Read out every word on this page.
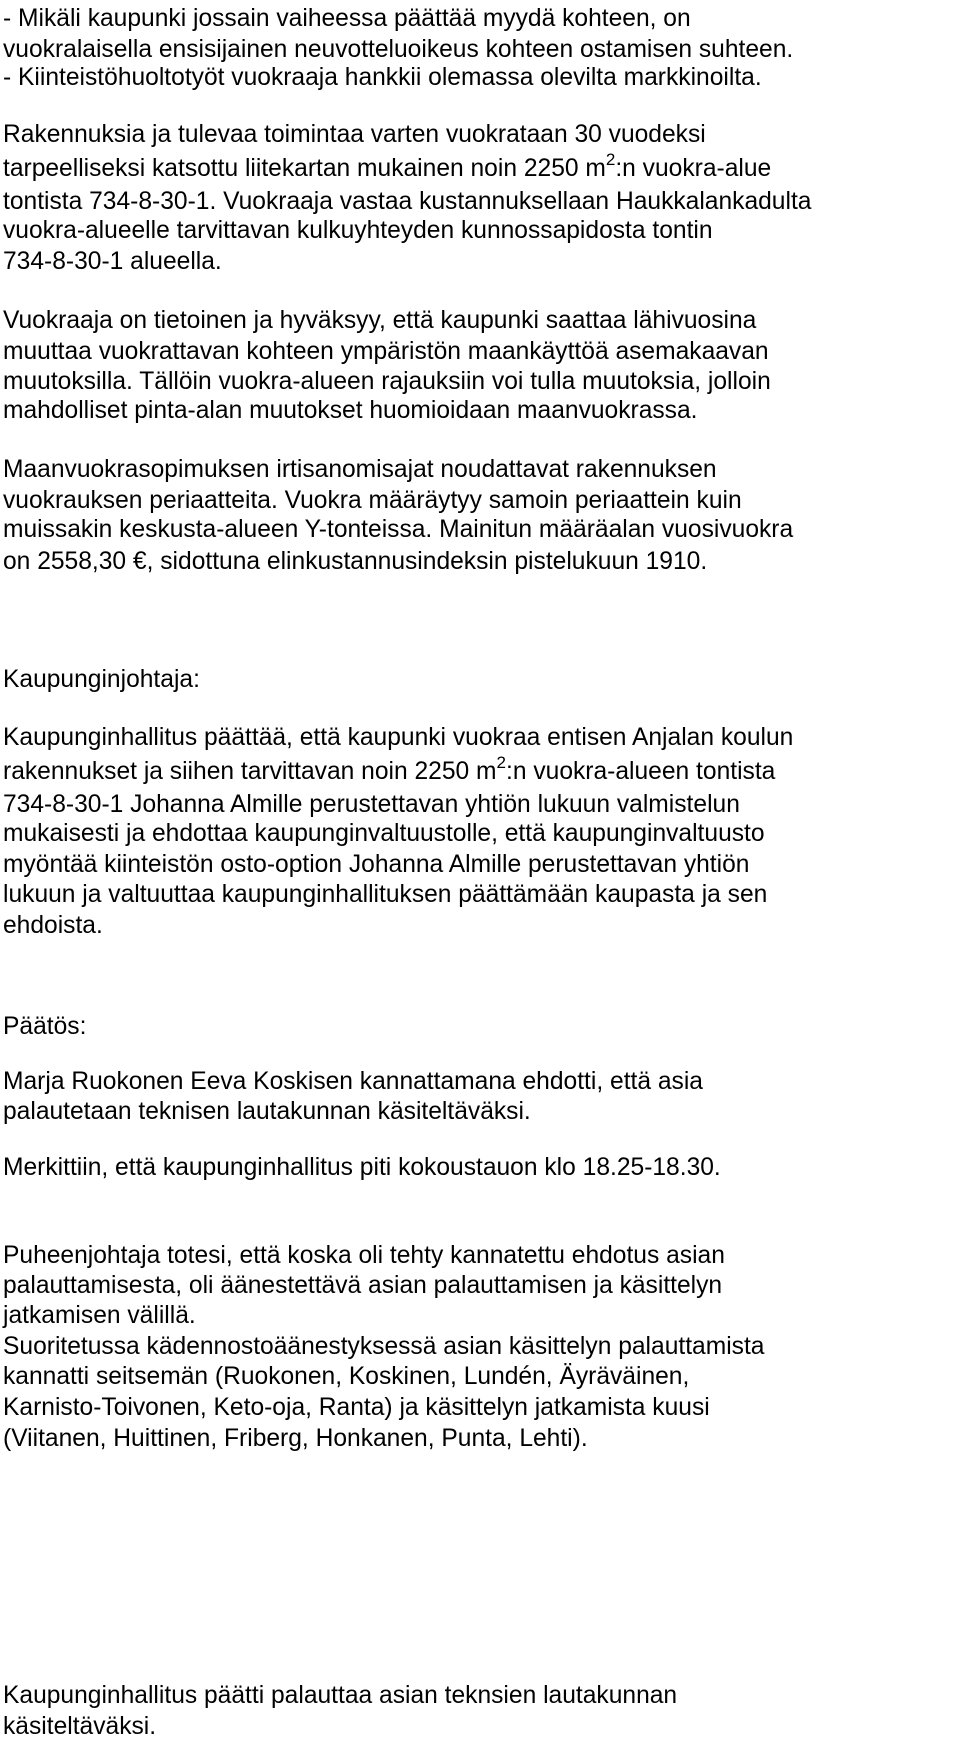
- Mikäli kaupunki jossain vaiheessa päättää myydä kohteen, on
vuokralaisella ensisijainen neuvotteluoikeus kohteen ostamisen suhteen.
- Kiinteistöhuoltotyöt vuokraaja hankkii olemassa olevilta markkinoilta.
Rakennuksia ja tulevaa toimintaa varten vuokrataan 30 vuodeksi
tarpeelliseksi katsottu liitekartan mukainen noin 2250 $m^2:n$ vuokra-alue
tontista 734-8-30-1. Vuokraaja vastaa kustannuksellaan Haukkalankadulta
vuokra-alueelle tarvittavan kulkuyhteyden kunnossapidosta tontin
734-8-30-1 alueella.
Vuokraaja on tietoinen ja hyväksyy, että kaupunki saattaa lähivuosina
muuttaa vuokrattavan kohteen ympäristön maankäyttöä asemakaavan
muutoksilla. Tällöin vuokra-alueen rajauksiin voi tulla muutoksia, jolloin
mahdolliset pinta-alan muutokset huomioidaan maanvuokrassa.
Maanvuokrasopimuksen irtisanomisajat noudattavat rakennuksen
vuokrauksen periaatteita. Vuokra määräytyy samoin periaattein kuin
muissakin keskusta-alueen Y-tonteissa. Mainitun määräalan vuosivuokra
on 2558,30 €, sidottuna elinkustannusindeksin pistelukuun 1910.
Kaupunginjohtaja:
Kaupunginhallitus päättää, että kaupunki vuokraa entisen Anjalan koulun
rakennukset ja siihen tarvittavan noin 2250 $m^2:n$ vuokra-alueen tontista
734-8-30-1 Johanna Almille perustettavan yhtiön lukuun valmistelun
mukaisesti ja ehdottaa kaupunginvaltuustolle, että kaupunginvaltuusto
myöntää kiinteistön osto-option Johanna Almille perustettavan yhtiön
lukuun ja valtuuttaa kaupunginhallituksen päättämään kaupasta ja sen
ehdoista.
Päätös:
Marja Ruokonen Eeva Koskisen kannattamana ehdotti, että asia
palautetaan teknisen lautakunnan käsiteltäväksi.
Merkittiin, että kaupunginhallitus piti kokoustauon klo 18.25-18.30.
Puheenjohtaja totesi, että koska oli tehty kannatettu ehdotus asian
palauttamisesta, oli äänestettävä asian palauttamisen ja käsittelyn
jatkamisen välillä.
Suoritetussa kädennostoäänestyksessä asian käsittelyn palauttamista
kannatti seitsemän (Ruokonen, Koskinen, Lundén, Äyräväinen,
Karnisto-Toivonen, Keto-oja, Ranta) ja käsittelyn jatkamista kuusi
(Viitanen, Huittinen, Friberg, Honkanen, Punta, Lehti).
Kaupunginhallitus päätti palauttaa asian teknsien lautakunnan
käsiteltäväksi.
